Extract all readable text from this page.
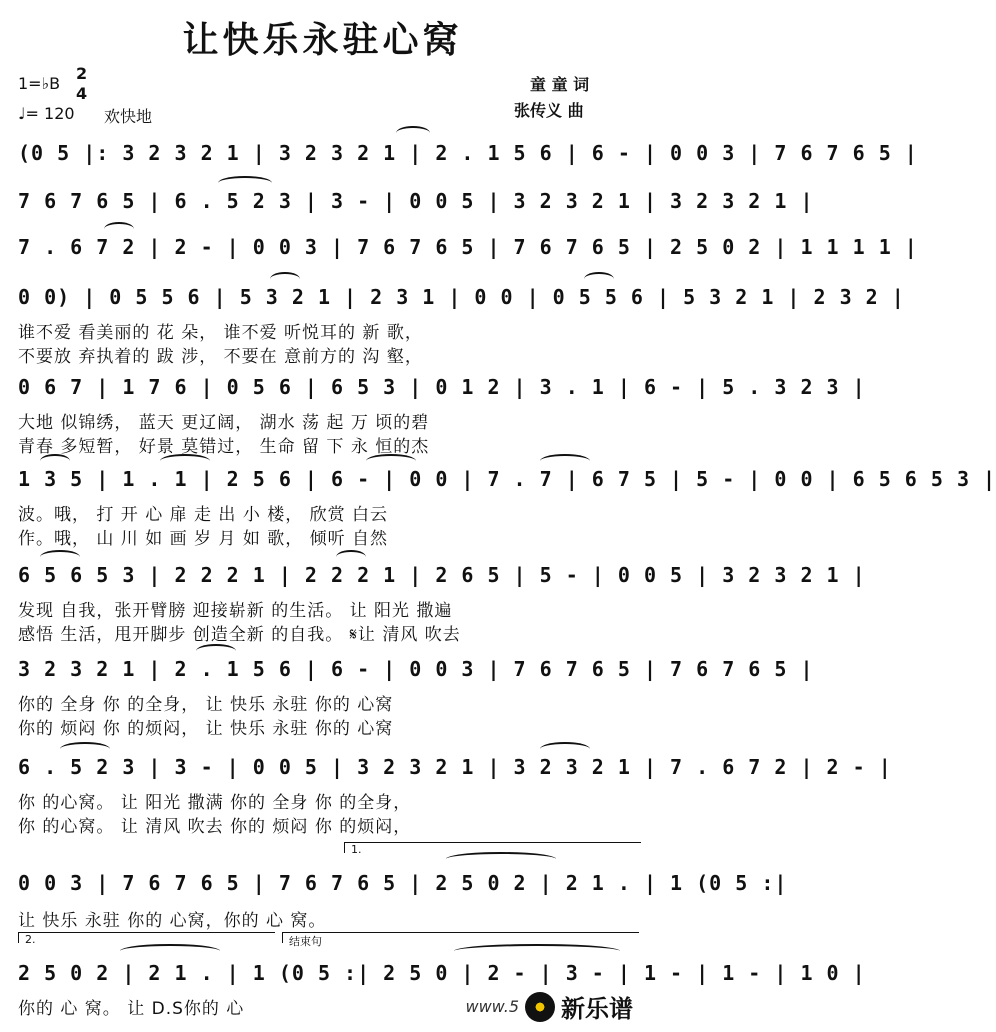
让快乐永驻心窝
1=♭B
2
4
♩= 120 欢快地
童 童 词
张传义 曲
(0 5 |: 3 2 3 2 1 | 3 2 3 2 1 | 2 . 1 5 6 | 6 - | 0 0 3 | 7 6 7 6 5 |
7 6 7 6 5 | 6 . 5 2 3 | 3 - | 0 0 5 | 3 2 3 2 1 | 3 2 3 2 1 |
7 . 6 7 2 | 2 - | 0 0 3 | 7 6 7 6 5 | 7 6 7 6 5 | 2 5 0 2 | 1 1 1 1 |
0 0) | 0 5 5 6 | 5 3 2 1 | 2 3 1 | 0 0 | 0 5 5 6 | 5 3 2 1 | 2 3 2 |
谁不爱 看美丽的 花 朵， 谁不爱 听悦耳的 新 歌，
不要放 弃执着的 跋 涉， 不要在 意前方的 沟 壑，
0 6 7 | 1 7 6 | 0 5 6 | 6 5 3 | 0 1 2 | 3 . 1 | 6 - | 5 . 3 2 3 |
大地 似锦绣， 蓝天 更辽阔， 湖水 荡 起 万 顷的碧
青春 多短暂， 好景 莫错过， 生命 留 下 永 恒的杰
1 3 5 | 1 . 1 | 2 5 6 | 6 - | 0 0 | 7 . 7 | 6 7 5 | 5 - | 0 0 | 6 5 6 5 3 |
波。哦， 打 开 心 扉 走 出 小 楼， 欣赏 白云
作。哦， 山 川 如 画 岁 月 如 歌， 倾听 自然
6 5 6 5 3 | 2 2 2 1 | 2 2 2 1 | 2 6 5 | 5 - | 0 0 5 | 3 2 3 2 1 |
发现 自我，张开臂膀 迎接崭新 的生活。 让 阳光 撒遍
感悟 生活，甩开脚步 创造全新 的自我。 𝄋让 清风 吹去
3 2 3 2 1 | 2 . 1 5 6 | 6 - | 0 0 3 | 7 6 7 6 5 | 7 6 7 6 5 |
你的 全身 你 的全身， 让 快乐 永驻 你的 心窝
你的 烦闷 你 的烦闷， 让 快乐 永驻 你的 心窝
6 . 5 2 3 | 3 - | 0 0 5 | 3 2 3 2 1 | 3 2 3 2 1 | 7 . 6 7 2 | 2 - |
你 的心窝。 让 阳光 撒满 你的 全身 你 的全身，
你 的心窝。 让 清风 吹去 你的 烦闷 你 的烦闷，
1.
0 0 3 | 7 6 7 6 5 | 7 6 7 6 5 | 2 5 0 2 | 2 1 . | 1 (0 5 :|
让 快乐 永驻 你的 心窝，你的 心 窝。
2.	结束句
2 5 0 2 | 2 1 . | 1 (0 5 :| 2 5 0 | 2 - | 3 - | 1 - | 1 - | 1 0 |
你的 心 窝。 让 D.S你的 心	www.5 新乐谱
